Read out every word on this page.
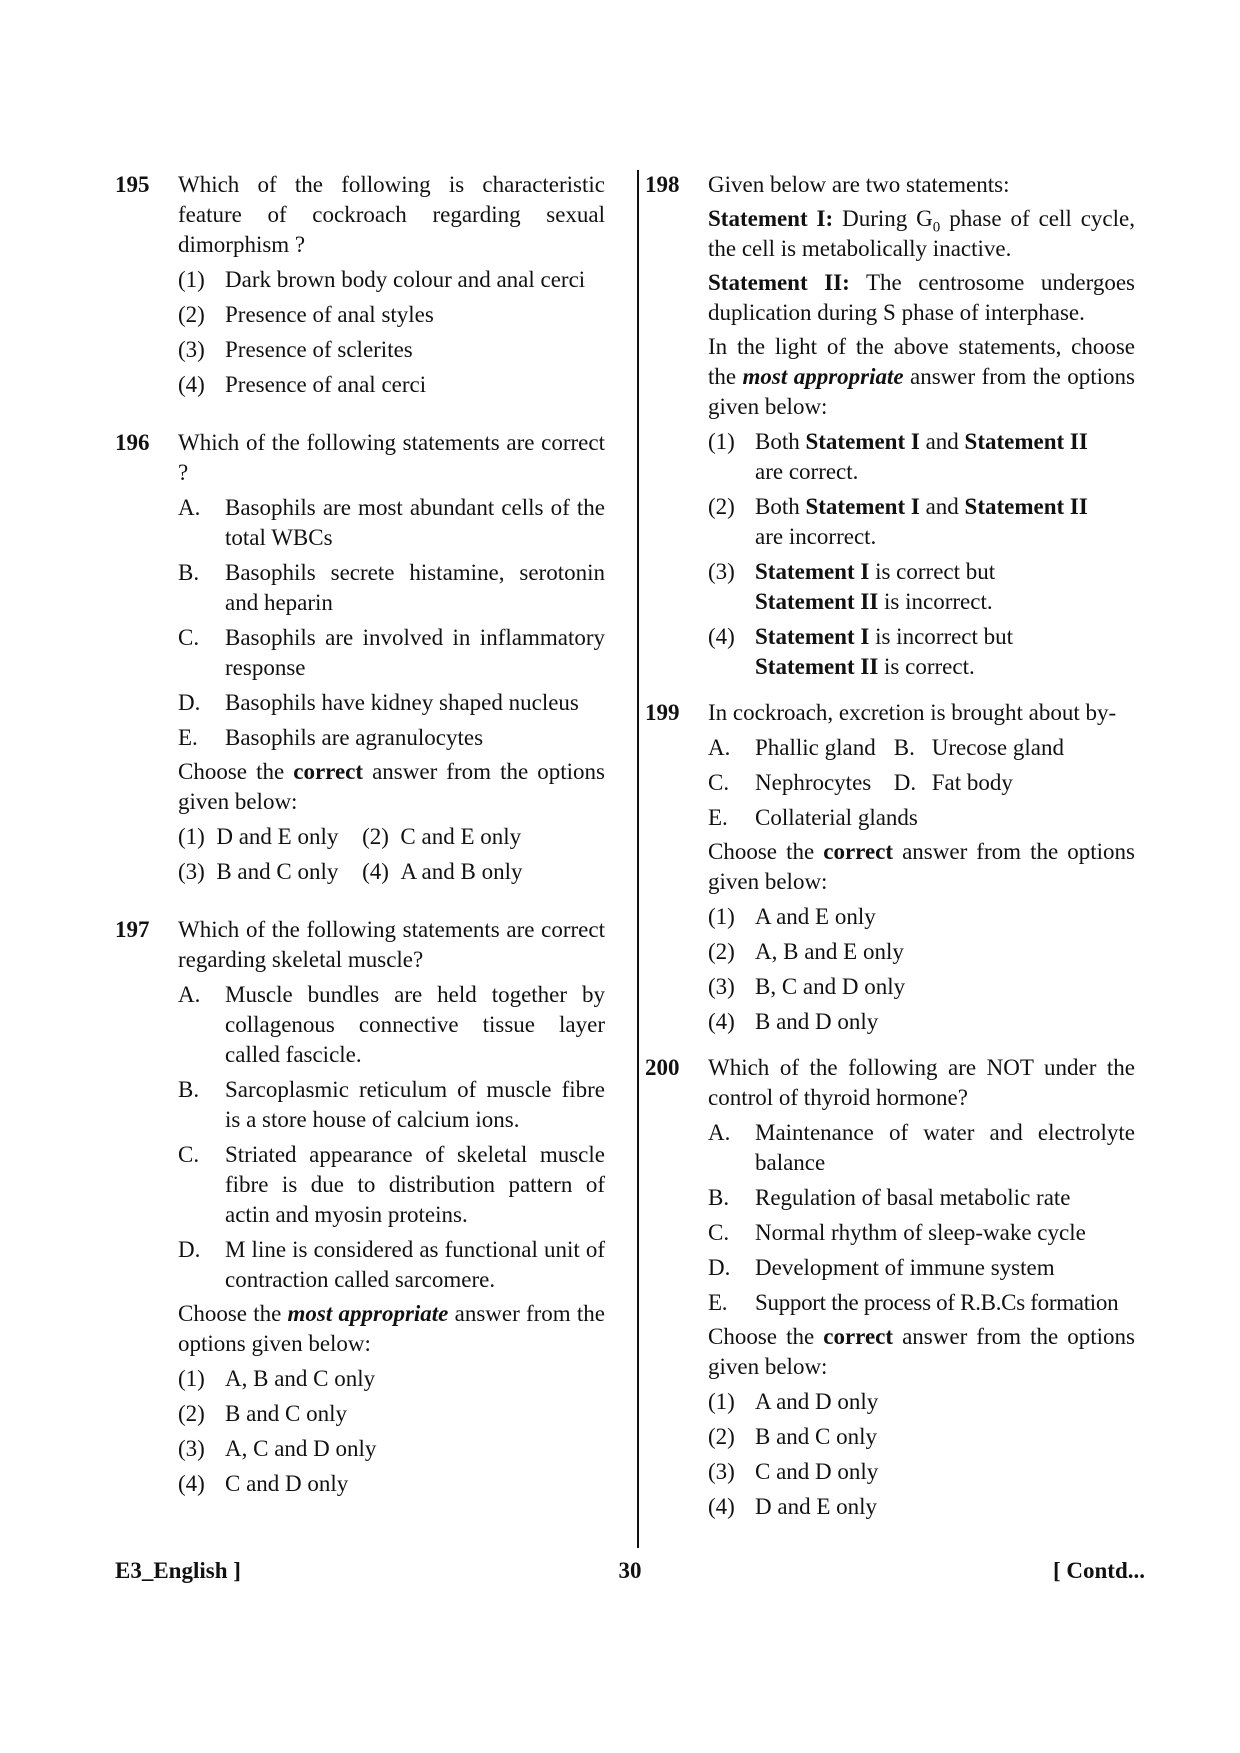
195	Which of the following is characteristic feature of cockroach regarding sexual dimorphism ?
(1) Dark brown body colour and anal cerci
(2) Presence of anal styles
(3) Presence of sclerites
(4) Presence of anal cerci
196	Which of the following statements are correct ?
A. Basophils are most abundant cells of the total WBCs
B. Basophils secrete histamine, serotonin and heparin
C. Basophils are involved in inflammatory response
D. Basophils have kidney shaped nucleus
E. Basophils are agranulocytes
Choose the correct answer from the options given below:
(1) D and E only (2) C and E only
(3) B and C only (4) A and B only
197	Which of the following statements are correct regarding skeletal muscle?
A. Muscle bundles are held together by collagenous connective tissue layer called fascicle.
B. Sarcoplasmic reticulum of muscle fibre is a store house of calcium ions.
C. Striated appearance of skeletal muscle fibre is due to distribution pattern of actin and myosin proteins.
D. M line is considered as functional unit of contraction called sarcomere.
Choose the most appropriate answer from the options given below:
(1) A, B and C only
(2) B and C only
(3) A, C and D only
(4) C and D only
198	Given below are two statements:
Statement I: During $G_0$ phase of cell cycle, the cell is metabolically inactive.
Statement II: The centrosome undergoes duplication during S phase of interphase.
In the light of the above statements, choose the most appropriate answer from the options given below:
(1) Both Statement I and Statement II
are correct.
(2) Both Statement I and Statement II
are incorrect.
(3) Statement I is correct but
Statement II is incorrect.
(4) Statement I is incorrect but
Statement II is correct.
199	In cockroach, excretion is brought about by-
A. Phallic gland B. Urecose gland
C. Nephrocytes D. Fat body
E. Collaterial glands
Choose the correct answer from the options given below:
(1) A and E only
(2) A, B and E only
(3) B, C and D only
(4) B and D only
200	Which of the following are NOT under the control of thyroid hormone?
A. Maintenance of water and electrolyte balance
B. Regulation of basal metabolic rate
C. Normal rhythm of sleep-wake cycle
D. Development of immune system
E. Support the process of R.B.Cs formation
Choose the correct answer from the options given below:
(1) A and D only
(2) B and C only
(3) C and D only
(4) D and E only
E3_English ]	30	[ Contd...
